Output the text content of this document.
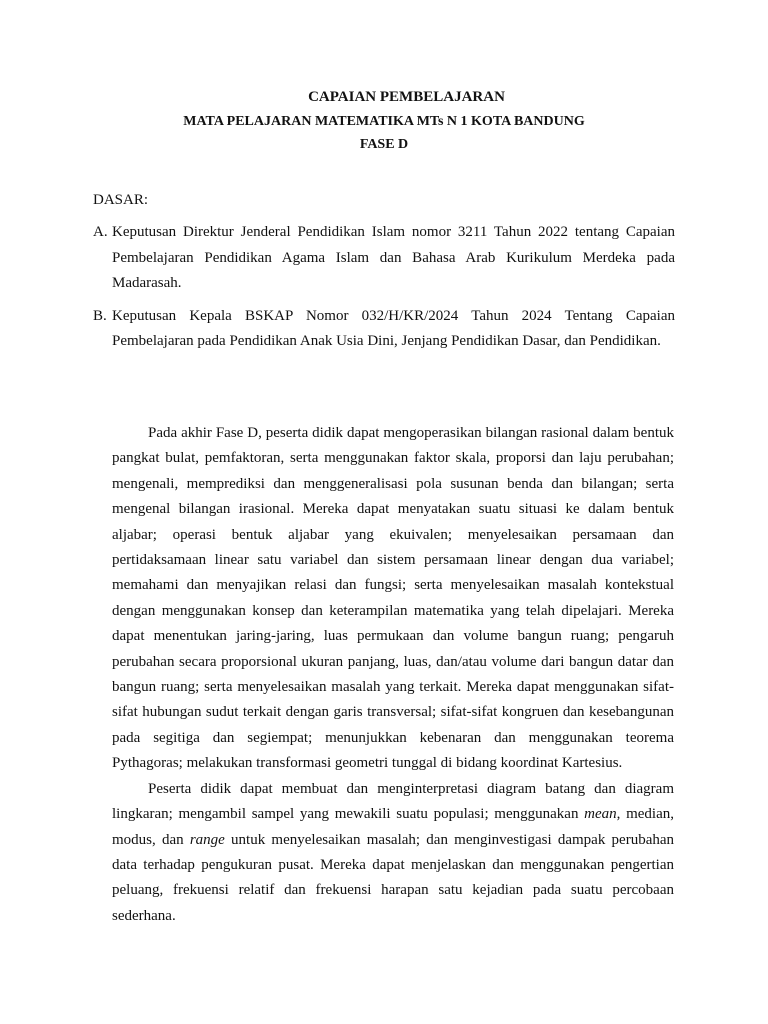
CAPAIAN PEMBELAJARAN
MATA PELAJARAN MATEMATIKA MTs N 1 KOTA BANDUNG
FASE D
DASAR:
A. Keputusan Direktur Jenderal Pendidikan Islam nomor 3211 Tahun 2022 tentang Capaian Pembelajaran Pendidikan Agama Islam dan Bahasa Arab Kurikulum Merdeka pada Madarasah.
B. Keputusan Kepala BSKAP Nomor 032/H/KR/2024 Tahun 2024 Tentang Capaian Pembelajaran pada Pendidikan Anak Usia Dini, Jenjang Pendidikan Dasar, dan Pendidikan.

Pada akhir Fase D, peserta didik dapat mengoperasikan bilangan rasional dalam bentuk pangkat bulat, pemfaktoran, serta menggunakan faktor skala, proporsi dan laju perubahan; mengenali, memprediksi dan menggeneralisasi pola susunan benda dan bilangan; serta mengenal bilangan irasional. Mereka dapat menyatakan suatu situasi ke dalam bentuk aljabar; operasi bentuk aljabar yang ekuivalen; menyelesaikan persamaan dan pertidaksamaan linear satu variabel dan sistem persamaan linear dengan dua variabel; memahami dan menyajikan relasi dan fungsi; serta menyelesaikan masalah kontekstual dengan menggunakan konsep dan keterampilan matematika yang telah dipelajari. Mereka dapat menentukan jaring-jaring, luas permukaan dan volume bangun ruang; pengaruh perubahan secara proporsional ukuran panjang, luas, dan/atau volume dari bangun datar dan bangun ruang; serta menyelesaikan masalah yang terkait. Mereka dapat menggunakan sifat-sifat hubungan sudut terkait dengan garis transversal; sifat-sifat kongruen dan kesebangunan pada segitiga dan segiempat; menunjukkan kebenaran dan menggunakan teorema Pythagoras; melakukan transformasi geometri tunggal di bidang koordinat Kartesius.

Peserta didik dapat membuat dan menginterpretasi diagram batang dan diagram lingkaran; mengambil sampel yang mewakili suatu populasi; menggunakan mean, median, modus, dan range untuk menyelesaikan masalah; dan menginvestigasi dampak perubahan data terhadap pengukuran pusat. Mereka dapat menjelaskan dan menggunakan pengertian peluang, frekuensi relatif dan frekuensi harapan satu kejadian pada suatu percobaan sederhana.
